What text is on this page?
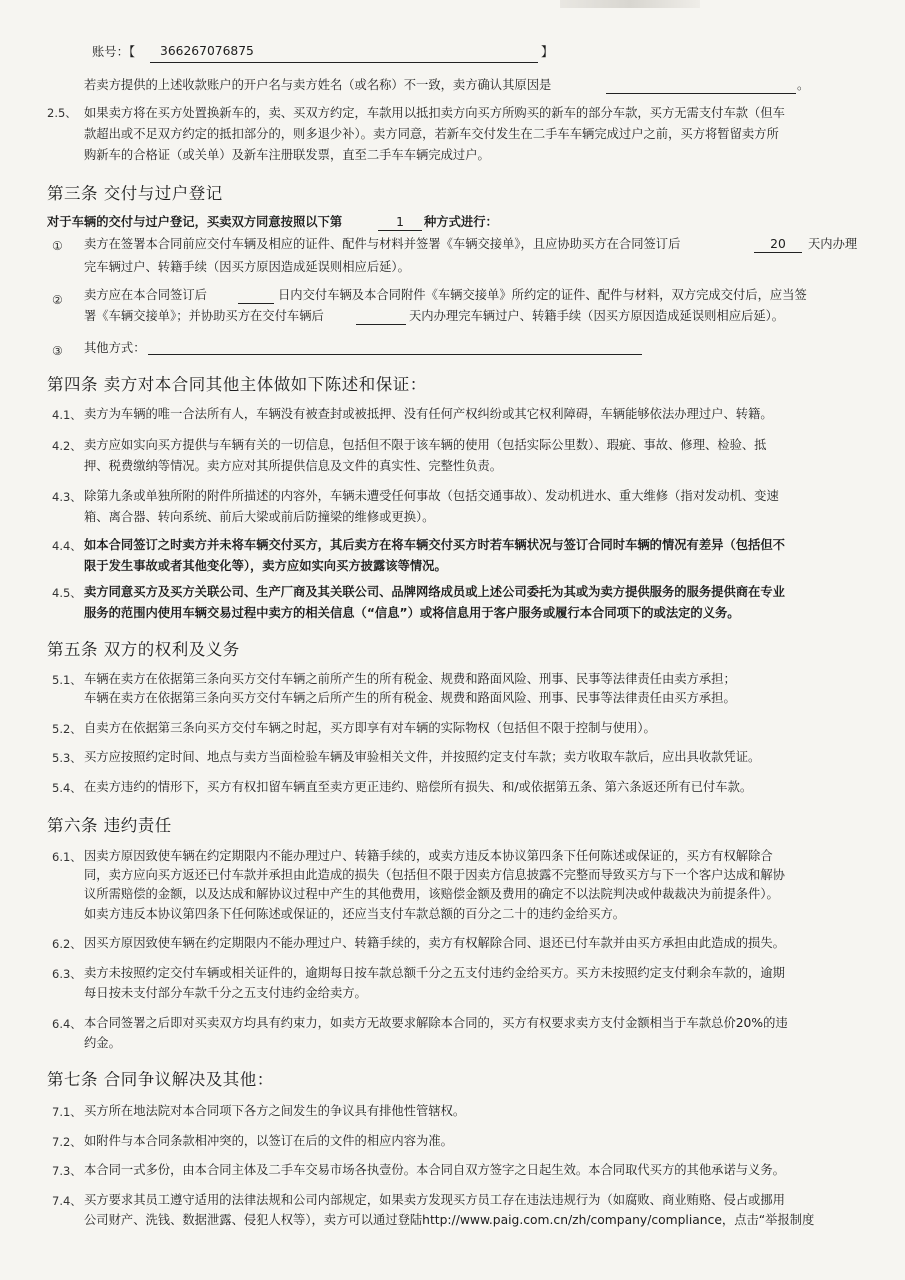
账号：【 366267076875	】
若卖方提供的上述收款账户的开户名与卖方姓名（或名称）不一致，卖方确认其原因是	。
2.5、 如果卖方将在买方处置换新车的，卖、买双方约定，车款用以抵扣卖方向买方所购买的新车的部分车款，买方无需支付车款（但车
款超出或不足双方约定的抵扣部分的，则多退少补）。卖方同意，若新车交付发生在二手车车辆完成过户之前，买方将暂留卖方所
购新车的合格证（或关单）及新车注册联发票，直至二手车车辆完成过户。
第三条 交付与过户登记
对于车辆的交付与过户登记，买卖双方同意按照以下第	1	种方式进行：
① 卖方在签署本合同前应交付车辆及相应的证件、配件与材料并签署《车辆交接单》，且应协助买方在合同签订后	20	天内办理
完车辆过户、转籍手续（因买方原因造成延误则相应后延）。
② 卖方应在本合同签订后	日内交付车辆及本合同附件《车辆交接单》所约定的证件、配件与材料，双方完成交付后，应当签
署《车辆交接单》；并协助买方在交付车辆后	天内办理完车辆过户、转籍手续（因买方原因造成延误则相应后延）。
③ 其他方式：
第四条 卖方对本合同其他主体做如下陈述和保证：
4.1、 卖方为车辆的唯一合法所有人，车辆没有被查封或被抵押、没有任何产权纠纷或其它权利障碍，车辆能够依法办理过户、转籍。
4.2、 卖方应如实向买方提供与车辆有关的一切信息，包括但不限于该车辆的使用（包括实际公里数）、瑕疵、事故、修理、检验、抵
押、税费缴纳等情况。卖方应对其所提供信息及文件的真实性、完整性负责。
4.3、 除第九条或单独所附的附件所描述的内容外，车辆未遭受任何事故（包括交通事故）、发动机进水、重大维修（指对发动机、变速
箱、离合器、转向系统、前后大梁或前后防撞梁的维修或更换）。
4.4、 如本合同签订之时卖方并未将车辆交付买方，其后卖方在将车辆交付买方时若车辆状况与签订合同时车辆的情况有差异（包括但不
限于发生事故或者其他变化等），卖方应如实向买方披露该等情况。
4.5、 卖方同意买方及买方关联公司、生产厂商及其关联公司、品牌网络成员或上述公司委托为其或为卖方提供服务的服务提供商在专业
服务的范围内使用车辆交易过程中卖方的相关信息（“信息”）或将信息用于客户服务或履行本合同项下的或法定的义务。
第五条 双方的权利及义务
5.1、 车辆在卖方在依据第三条向买方交付车辆之前所产生的所有税金、规费和路面风险、刑事、民事等法律责任由卖方承担；
车辆在卖方在依据第三条向买方交付车辆之后所产生的所有税金、规费和路面风险、刑事、民事等法律责任由买方承担。
5.2、 自卖方在依据第三条向买方交付车辆之时起，买方即享有对车辆的实际物权（包括但不限于控制与使用）。
5.3、 买方应按照约定时间、地点与卖方当面检验车辆及审验相关文件，并按照约定支付车款；卖方收取车款后，应出具收款凭证。
5.4、 在卖方违约的情形下，买方有权扣留车辆直至卖方更正违约、赔偿所有损失、和/或依据第五条、第六条返还所有已付车款。
第六条 违约责任
6.1、 因卖方原因致使车辆在约定期限内不能办理过户、转籍手续的，或卖方违反本协议第四条下任何陈述或保证的，买方有权解除合
同，卖方应向买方返还已付车款并承担由此造成的损失（包括但不限于因卖方信息披露不完整而导致买方与下一个客户达成和解协
议所需赔偿的金额，以及达成和解协议过程中产生的其他费用，该赔偿金额及费用的确定不以法院判决或仲裁裁决为前提条件）。
如卖方违反本协议第四条下任何陈述或保证的，还应当支付车款总额的百分之二十的违约金给买方。
6.2、 因买方原因致使车辆在约定期限内不能办理过户、转籍手续的，卖方有权解除合同、退还已付车款并由买方承担由此造成的损失。
6.3、 卖方未按照约定交付车辆或相关证件的，逾期每日按车款总额千分之五支付违约金给买方。买方未按照约定支付剩余车款的，逾期
每日按未支付部分车款千分之五支付违约金给卖方。
6.4、 本合同签署之后即对买卖双方均具有约束力，如卖方无故要求解除本合同的，买方有权要求卖方支付金额相当于车款总价20%的违
约金。
第七条 合同争议解决及其他：
7.1、 买方所在地法院对本合同项下各方之间发生的争议具有排他性管辖权。
7.2、 如附件与本合同条款相冲突的，以签订在后的文件的相应内容为准。
7.3、 本合同一式多份，由本合同主体及二手车交易市场各执壹份。本合同自双方签字之日起生效。本合同取代买方的其他承诺与义务。
7.4、 买方要求其员工遵守适用的法律法规和公司内部规定，如果卖方发现买方员工存在违法违规行为（如腐败、商业贿赂、侵占或挪用
公司财产、洗钱、数据泄露、侵犯人权等），卖方可以通过登陆http://www.paig.com.cn/zh/company/compliance，点击“举报制度
